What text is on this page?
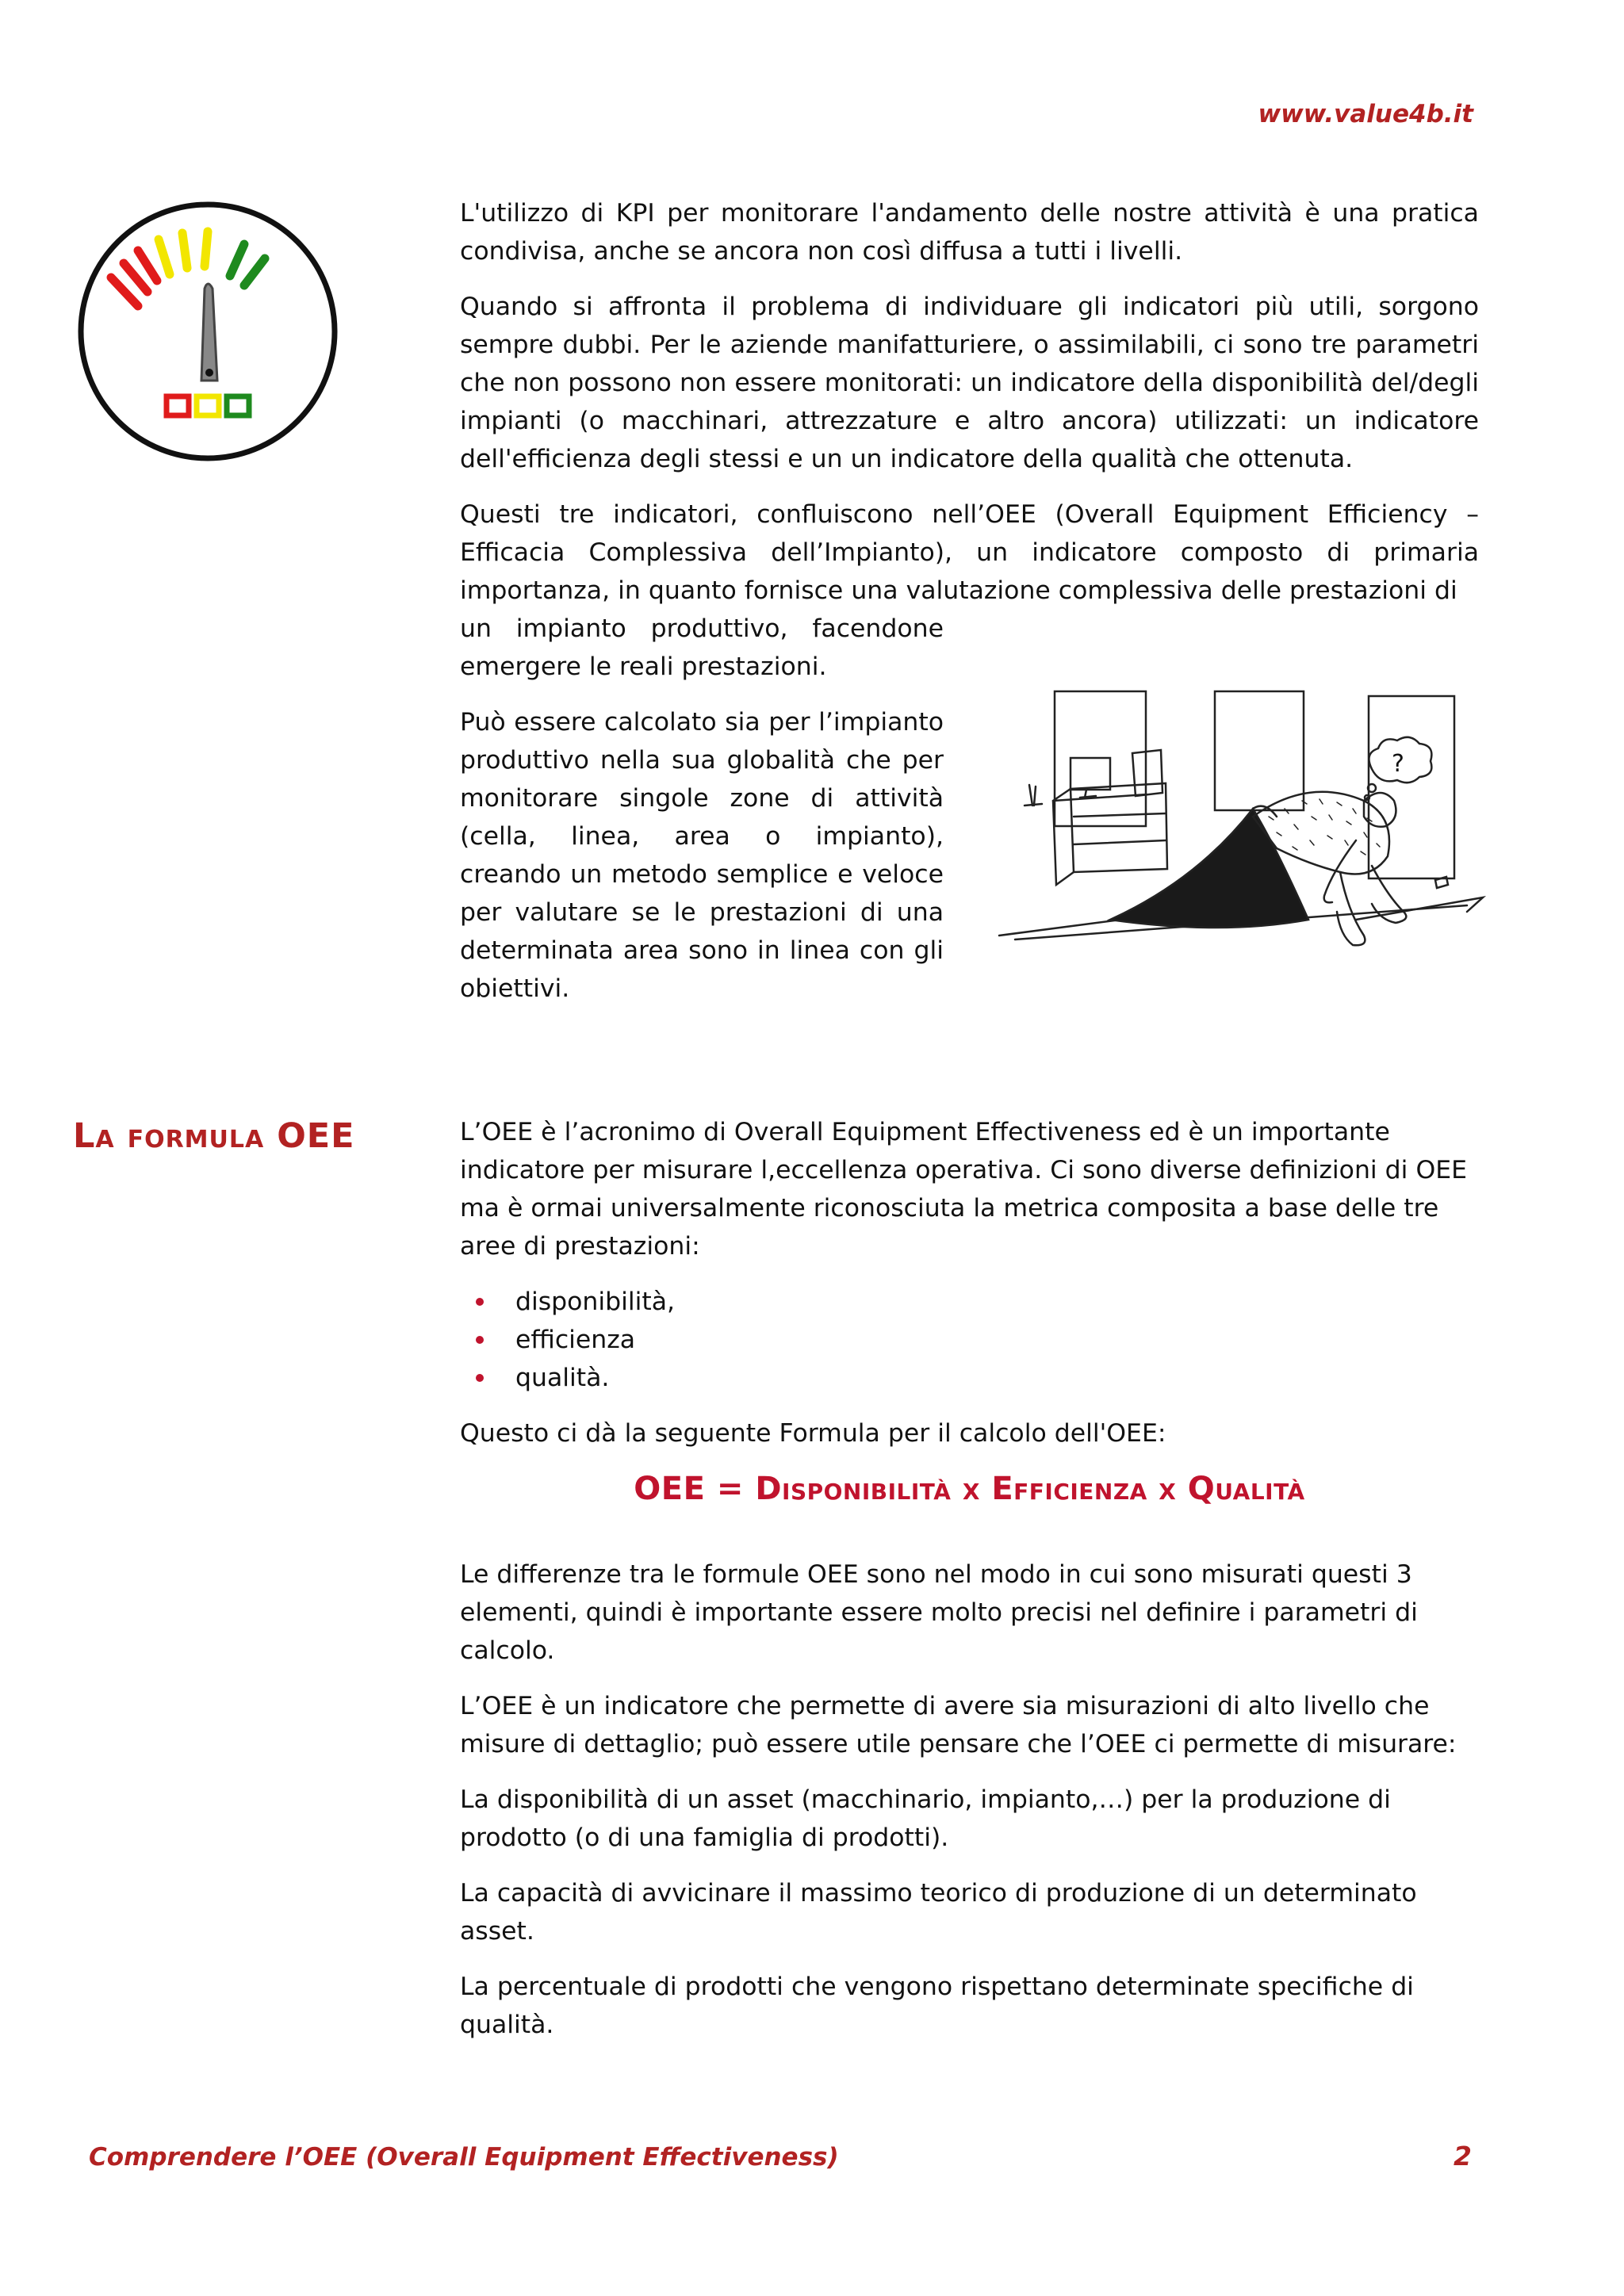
www.value4b.it

L'utilizzo di KPI per monitorare l'andamento delle nostre attività è una pratica condivisa, anche se ancora non così diffusa a tutti i livelli.

Quando si affronta il problema di individuare gli indicatori più utili, sorgono sempre dubbi. Per le aziende manifatturiere, o assimilabili, ci sono tre parametri che non possono non essere monitorati: un indicatore della disponibilità del/degli impianti (o macchinari, attrezzature e altro ancora) utilizzati: un indicatore dell'efficienza degli stessi e un un indicatore della qualità che ottenuta.

Questi tre indicatori, confluiscono nell’OEE (Overall Equipment Efficiency – Efficacia Complessiva dell’Impianto), un indicatore composto di primaria importanza, in quanto fornisce una valutazione complessiva delle prestazioni di

un impianto produttivo, facendone emergere le reali prestazioni.

Può essere calcolato sia per l’impianto produttivo nella sua globalità che per monitorare singole zone di attività (cella, linea, area o impianto), creando un metodo semplice e veloce per valutare se le prestazioni di una determinata area sono in linea con gli obiettivi.

?
La formula OEE	L’OEE è l’acronimo di Overall Equipment Effectiveness ed è un importante indicatore per misurare l,eccellenza operativa. Ci sono diverse definizioni di OEE ma è ormai universalmente riconosciuta la metrica composita a base delle tre aree di prestazioni:

disponibilità,
efficienza
qualità.

Questo ci dà la seguente Formula per il calcolo dell'OEE:

OEE = Disponibilità x Efficienza x Qualità

Le differenze tra le formule OEE sono nel modo in cui sono misurati questi 3 elementi, quindi è importante essere molto precisi nel definire i parametri di calcolo.

L’OEE è un indicatore che permette di avere sia misurazioni di alto livello che misure di dettaglio; può essere utile pensare che l’OEE ci permette di misurare:

La disponibilità di un asset (macchinario, impianto,…) per la produzione di prodotto (o di una famiglia di prodotti).

La capacità di avvicinare il massimo teorico di produzione di un determinato asset.

La percentuale di prodotti che vengono rispettano determinate specifiche di qualità.

Comprendere l’OEE (Overall Equipment Effectiveness)	2
